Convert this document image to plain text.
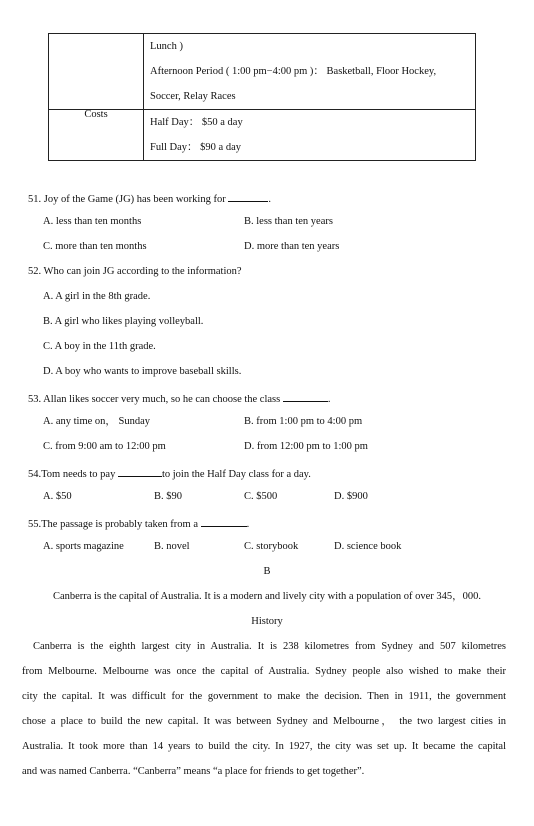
	Lunch )
Afternoon Period ( 1:00 pm−4:00 pm )： Basketball, Floor Hockey,
Soccer, Relay Races

Costs	Half Day： $50 a day
Full Day： $90 a day
51. Joy of the Game (JG) has been working for	.
A. less than ten months	B. less than ten years
C. more than ten months	D. more than ten years
52. Who can join JG according to the information?
A. A girl in the 8th grade.
B. A girl who likes playing volleyball.
C. A boy in the 11th grade.
D. A boy who wants to improve baseball skills.
53. Allan likes soccer very much, so he can choose the class	.
A. any time on， Sunday	B. from 1:00 pm to 4:00 pm
C. from 9:00 am to 12:00 pm	D. from 12:00 pm to 1:00 pm
54.Tom needs to pay	to join the Half Day class for a day.
A. $50	B. $90	C. $500	D. $900
55.The passage is probably taken from a	.
A. sports magazine	B. novel	C. storybook	D. science book
B
Canberra is the capital of Australia. It is a modern and lively city with a population of over 345，000.
History
Canberra is the eighth largest city in Australia. It is 238 kilometres from Sydney and 507 kilometres
from Melbourne. Melbourne was once the capital of Australia. Sydney people also wished to make their
city the capital. It was difficult for the government to make the decision. Then in 1911, the government
chose a place to build the new capital. It was between Sydney and Melbourne， the two largest cities in
Australia. It took more than 14 years to build the city. In 1927, the city was set up. It became the capital
and was named Canberra. “Canberra” means “a place for friends to get together”.
